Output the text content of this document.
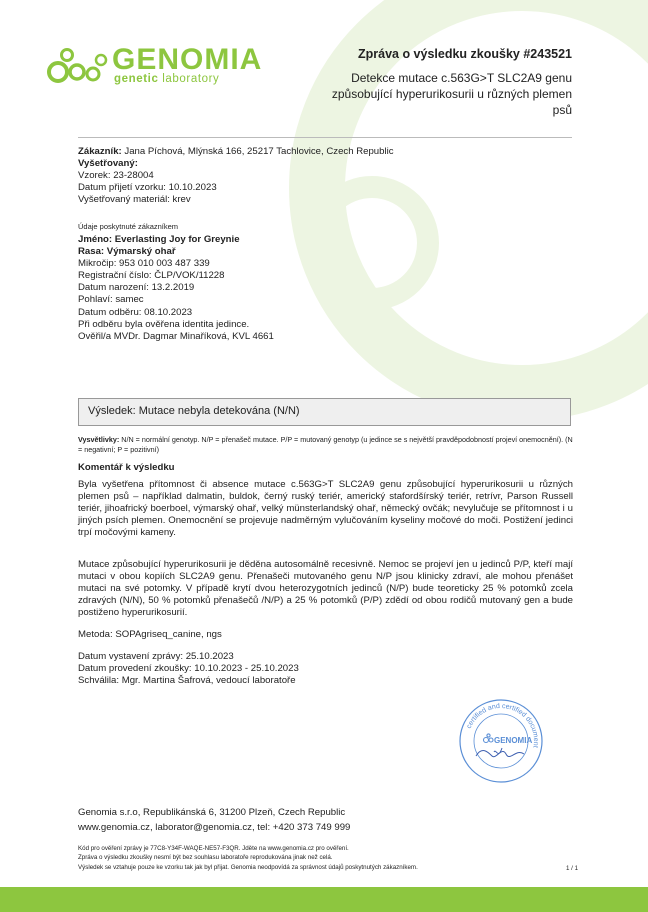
GENOMIA
genetic laboratory
Zpráva o výsledku zkoušky #243521
Detekce mutace c.563G>T SLC2A9 genu způsobující hyperurikosurii u různých plemen psů
Zákazník: Jana Píchová, Mlýnská 166, 25217 Tachlovice, Czech Republic
Vyšetřovaný:
Vzorek: 23-28004
Datum přijetí vzorku: 10.10.2023
Vyšetřovaný materiál: krev
Údaje poskytnuté zákazníkem
Jméno: Everlasting Joy for Greynie
Rasa: Výmarský ohař
Mikročip: 953 010 003 487 339
Registrační číslo: ČLP/VOK/11228
Datum narození: 13.2.2019
Pohlaví: samec
Datum odběru: 08.10.2023
Při odběru byla ověřena identita jedince.
Ověřil/a MVDr. Dagmar Minaříková, KVL 4661
Výsledek: Mutace nebyla detekována (N/N)
Vysvětlivky: N/N = normální genotyp. N/P = přenašeč mutace. P/P = mutovaný genotyp (u jedince se s největší pravděpodobností projeví onemocnění). (N = negativní; P = pozitivní)
Komentář k výsledku
Byla vyšetřena přítomnost či absence mutace c.563G>T SLC2A9 genu způsobující hyperurikosurii u různých plemen psů – například dalmatin, buldok, černý ruský teriér, americký stafordšírský teriér, retrívr, Parson Russell teriér, jihoafrický boerboel, výmarský ohař, velký münsterlandský ohař, německý ovčák; nevylučuje se přítomnost i u jiných psích plemen. Onemocnění se projevuje nadměrným vylučováním kyseliny močové do moči. Postižení jedinci trpí močovými kameny.
Mutace způsobující hyperurikosurii je děděna autosomálně recesivně. Nemoc se projeví jen u jedinců P/P, kteří mají mutaci v obou kopiích SLC2A9 genu. Přenašeči mutovaného genu N/P jsou klinicky zdraví, ale mohou přenášet mutaci na své potomky. V případě krytí dvou heterozygotních jedinců (N/P) bude teoreticky 25 % potomků zcela zdravých (N/N), 50 % potomků přenašečů /N/P) a 25 % potomků (P/P) zdědí od obou rodičů mutovaný gen a bude postiženo hyperurikosurií.
Metoda: SOPAgriseq_canine, ngs
Datum vystavení zprávy: 25.10.2023
Datum provedení zkoušky: 10.10.2023 - 25.10.2023
Schválila: Mgr. Martina Šafrová, vedoucí laboratoře
certified and certified document
GENOMIA
Genomia s.r.o, Republikánská 6, 31200 Plzeň, Czech Republic
www.genomia.cz, laborator@genomia.cz, tel: +420 373 749 999
Kód pro ověření zprávy je 77C8-Y34F-WAQE-NE57-F3QR. Jděte na www.genomia.cz pro ověření.
Zpráva o výsledku zkoušky nesmí být bez souhlasu laboratoře reprodukována jinak než celá.
Výsledek se vztahuje pouze ke vzorku tak jak byl přijat. Genomia neodpovídá za správnost údajů poskytnutých zákazníkem.	1 / 1
